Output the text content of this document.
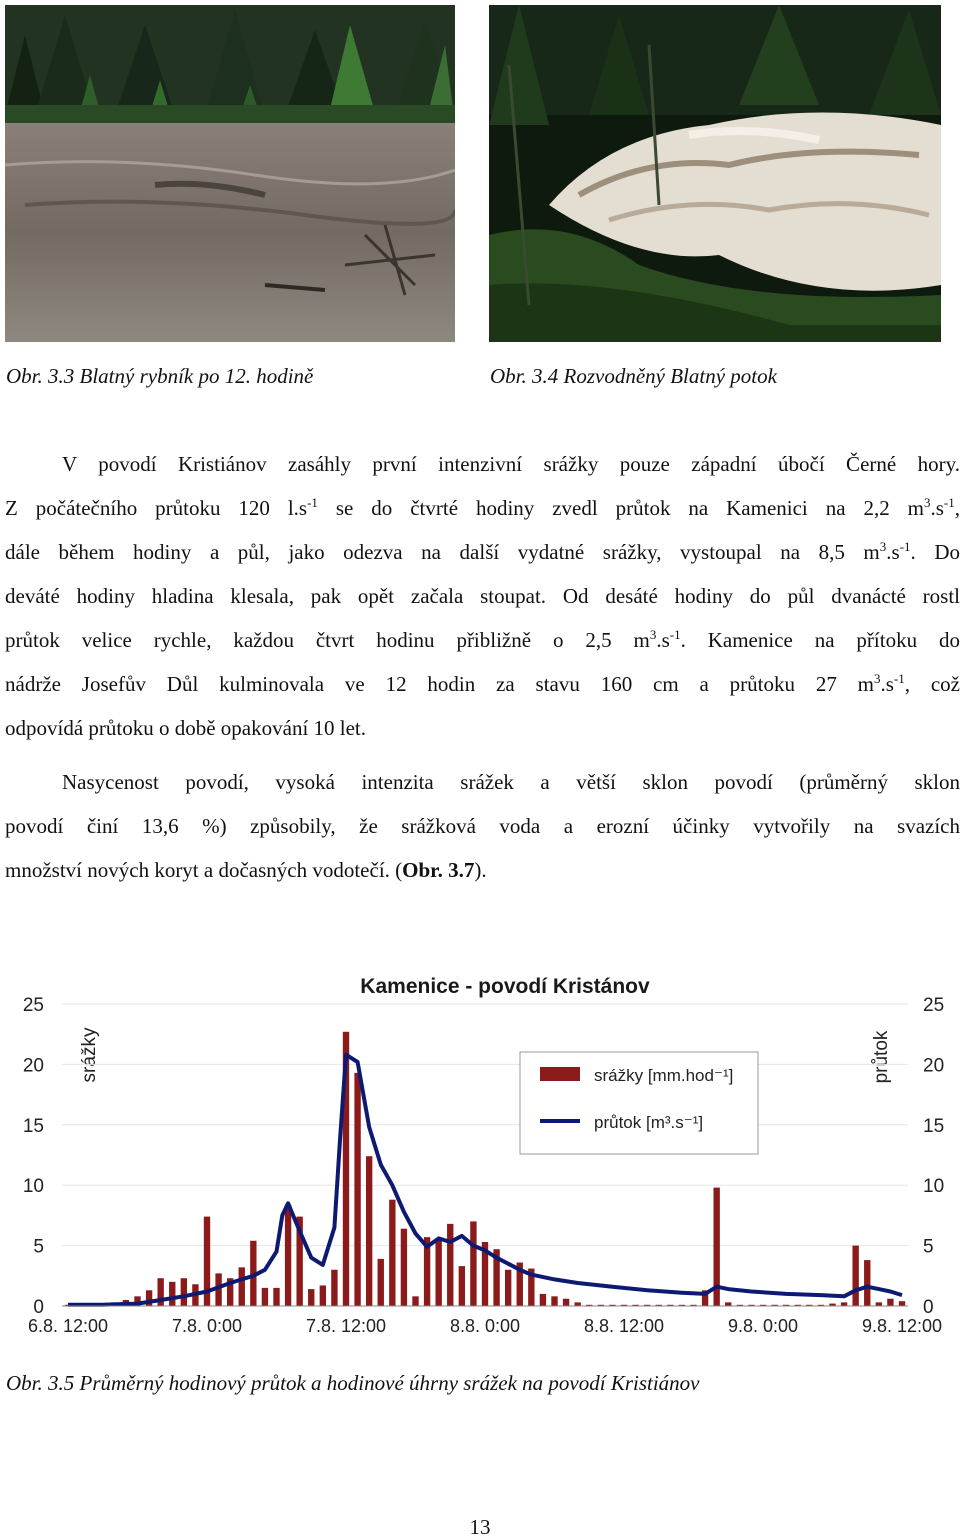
Obr. 3.3 Blatný rybník po 12. hodině	Obr. 3.4 Rozvodněný Blatný potok
V povodí Kristiánov zasáhly první intenzivní srážky pouze západní úbočí Černé hory.
Z počátečního průtoku 120 $l.s^{-1}$ se do čtvrté hodiny zvedl průtok na Kamenici na 2,2 $m^3.s^{-1}$,
dále během hodiny a půl, jako odezva na další vydatné srážky, vystoupal na 8,5 $m^3.s^{-1}$. Do
deváté hodiny hladina klesala, pak opět začala stoupat. Od desáté hodiny do půl dvanácté rostl
průtok velice rychle, každou čtvrt hodinu přibližně o 2,5 $m^3.s^{-1}$. Kamenice na přítoku do
nádrže Josefův Důl kulminovala ve 12 hodin za stavu 160 cm a průtoku 27 $m^3.s^{-1}$, což
odpovídá průtoku o době opakování 10 let.
Nasycenost povodí, vysoká intenzita srážek a větší sklon povodí (průměrný sklon
povodí činí 13,6 %) způsobily, že srážková voda a erozní účinky vytvořily na svazích
množství nových koryt a dočasných vodotečí. (Obr. 3.7).
Kamenice - povodí Kristánov
srážky	průtok
0	0
5	5
10	10
15	15
20	20
25	25
6.8. 12:00	7.8. 0:00	7.8. 12:00	8.8. 0:00	8.8. 12:00	9.8. 0:00	9.8. 12:00
srážky [mm.hod⁻¹]
průtok [m³.s⁻¹]
Obr. 3.5 Průměrný hodinový průtok a hodinové úhrny srážek na povodí Kristiánov
13
